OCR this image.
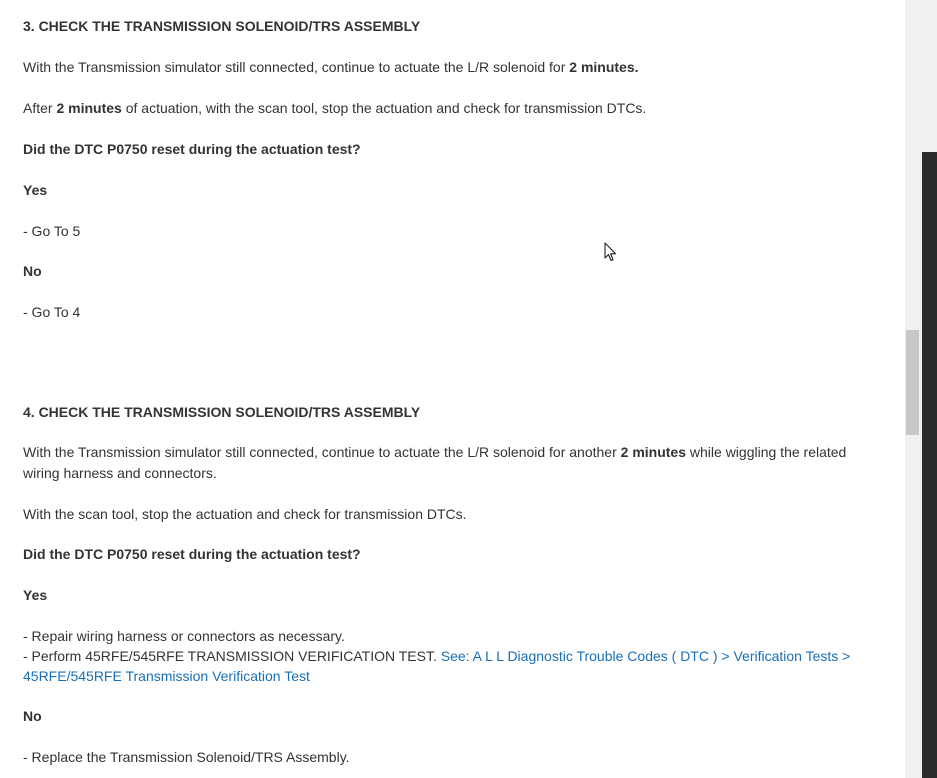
3. CHECK THE TRANSMISSION SOLENOID/TRS ASSEMBLY
With the Transmission simulator still connected, continue to actuate the L/R solenoid for 2 minutes.
After 2 minutes of actuation, with the scan tool, stop the actuation and check for transmission DTCs.
Did the DTC P0750 reset during the actuation test?
Yes
- Go To 5
No
- Go To 4
4. CHECK THE TRANSMISSION SOLENOID/TRS ASSEMBLY
With the Transmission simulator still connected, continue to actuate the L/R solenoid for another 2 minutes while wiggling the related wiring harness and connectors.
With the scan tool, stop the actuation and check for transmission DTCs.
Did the DTC P0750 reset during the actuation test?
Yes
- Repair wiring harness or connectors as necessary.
- Perform 45RFE/545RFE TRANSMISSION VERIFICATION TEST. See: A L L Diagnostic Trouble Codes ( DTC ) > Verification Tests > 45RFE/545RFE Transmission Verification Test
No
- Replace the Transmission Solenoid/TRS Assembly.
